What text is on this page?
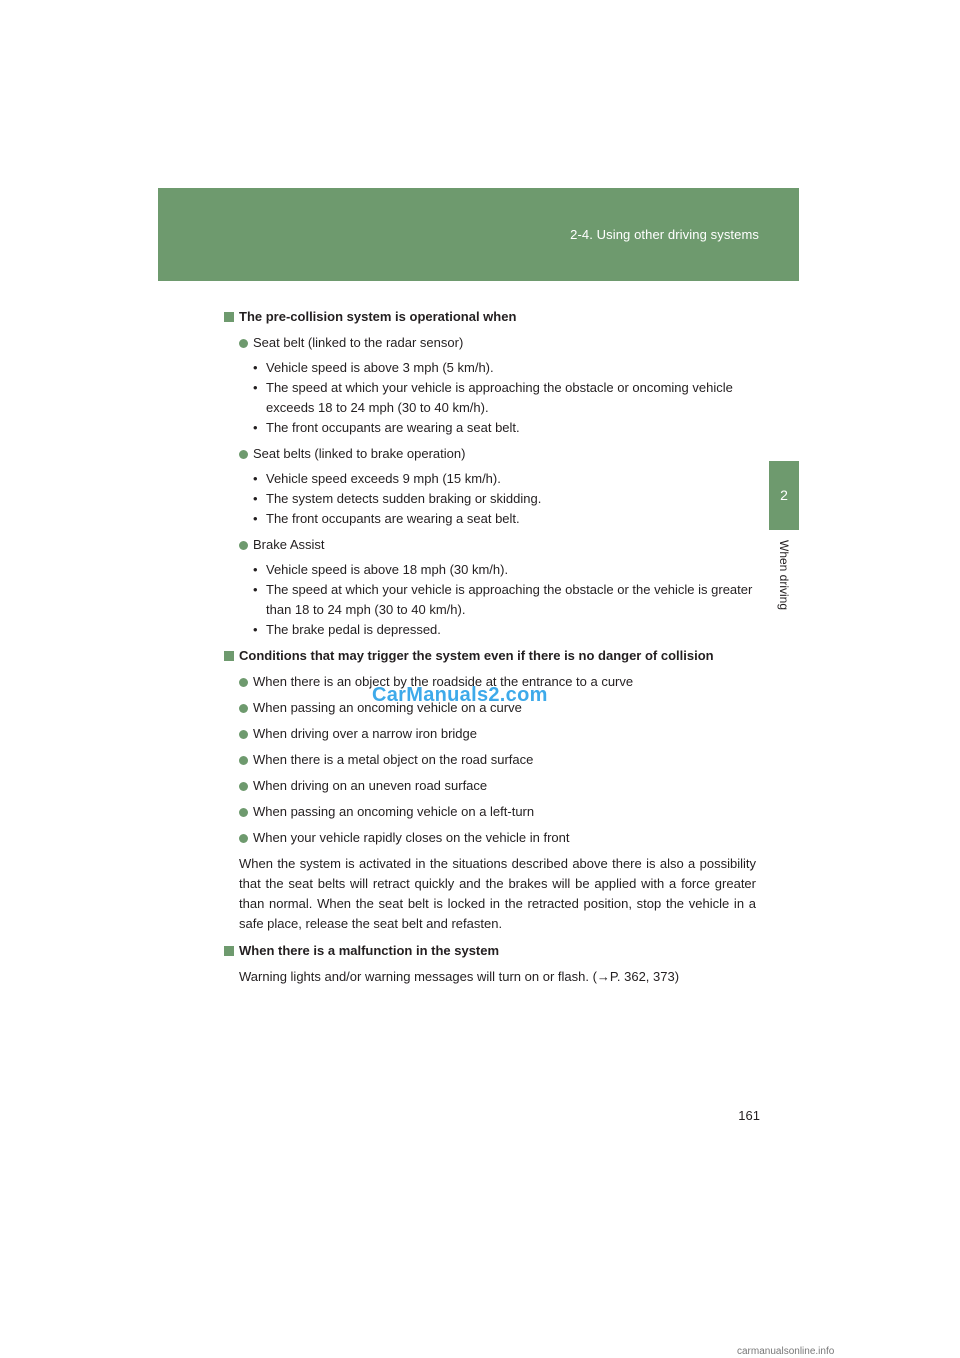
2-4. Using other driving systems
2
When driving
The pre-collision system is operational when
Seat belt (linked to the radar sensor)
• Vehicle speed is above 3 mph (5 km/h).
• The speed at which your vehicle is approaching the obstacle or oncoming vehicle exceeds 18 to 24 mph (30 to 40 km/h).
• The front occupants are wearing a seat belt.
Seat belts (linked to brake operation)
• Vehicle speed exceeds 9 mph (15 km/h).
• The system detects sudden braking or skidding.
• The front occupants are wearing a seat belt.
Brake Assist
• Vehicle speed is above 18 mph (30 km/h).
• The speed at which your vehicle is approaching the obstacle or the vehicle is greater than 18 to 24 mph (30 to 40 km/h).
• The brake pedal is depressed.
Conditions that may trigger the system even if there is no danger of collision
When there is an object by the roadside at the entrance to a curve
When passing an oncoming vehicle on a curve
When driving over a narrow iron bridge
When there is a metal object on the road surface
When driving on an uneven road surface
When passing an oncoming vehicle on a left-turn
When your vehicle rapidly closes on the vehicle in front
When the system is activated in the situations described above there is also a possibility that the seat belts will retract quickly and the brakes will be applied with a force greater than normal. When the seat belt is locked in the retracted position, stop the vehicle in a safe place, release the seat belt and refasten.
When there is a malfunction in the system
Warning lights and/or warning messages will turn on or flash. (→P. 362, 373)
CarManuals2.com
161
carmanualsonline.info
